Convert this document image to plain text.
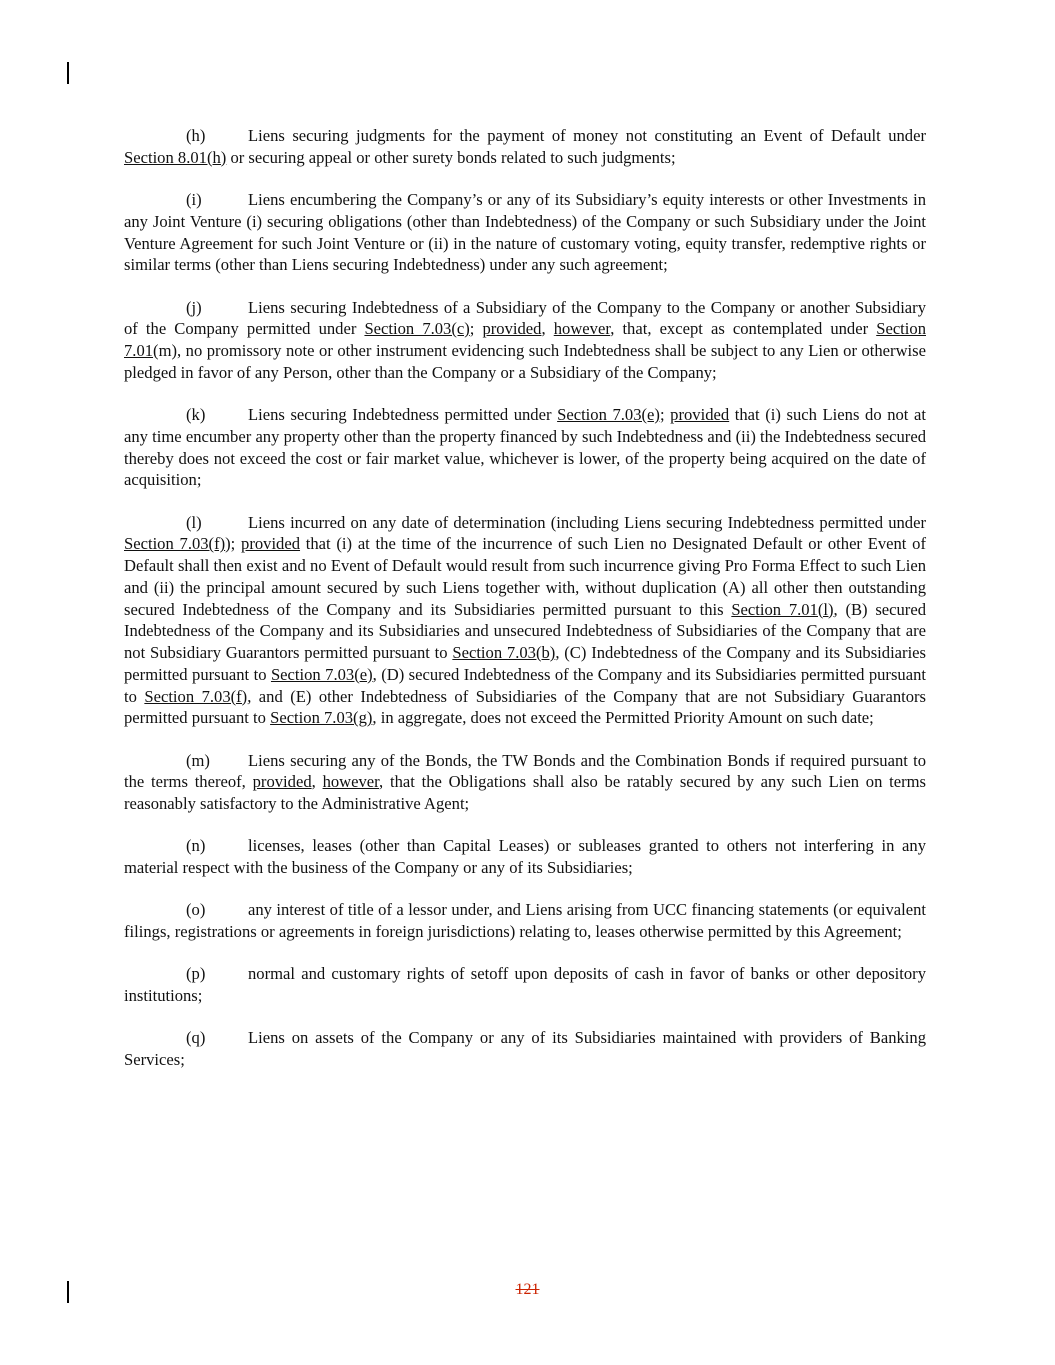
(h)	Liens securing judgments for the payment of money not constituting an Event of Default under Section 8.01(h) or securing appeal or other surety bonds related to such judgments;

(i)	Liens encumbering the Company’s or any of its Subsidiary’s equity interests or other Investments in any Joint Venture (i) securing obligations (other than Indebtedness) of the Company or such Subsidiary under the Joint Venture Agreement for such Joint Venture or (ii) in the nature of customary voting, equity transfer, redemptive rights or similar terms (other than Liens securing Indebtedness) under any such agreement;

(j)	Liens securing Indebtedness of a Subsidiary of the Company to the Company or another Subsidiary of the Company permitted under Section 7.03(c); provided, however, that, except as contemplated under Section 7.01(m), no promissory note or other instrument evidencing such Indebtedness shall be subject to any Lien or otherwise pledged in favor of any Person, other than the Company or a Subsidiary of the Company;

(k)	Liens securing Indebtedness permitted under Section 7.03(e); provided that (i) such Liens do not at any time encumber any property other than the property financed by such Indebtedness and (ii) the Indebtedness secured thereby does not exceed the cost or fair market value, whichever is lower, of the property being acquired on the date of acquisition;

(l)	Liens incurred on any date of determination (including Liens securing Indebtedness permitted under Section 7.03(f)); provided that (i) at the time of the incurrence of such Lien no Designated Default or other Event of Default shall then exist and no Event of Default would result from such incurrence giving Pro Forma Effect to such Lien and (ii) the principal amount secured by such Liens together with, without duplication (A) all other then outstanding secured Indebtedness of the Company and its Subsidiaries permitted pursuant to this Section 7.01(l), (B) secured Indebtedness of the Company and its Subsidiaries and unsecured Indebtedness of Subsidiaries of the Company that are not Subsidiary Guarantors permitted pursuant to Section 7.03(b), (C) Indebtedness of the Company and its Subsidiaries permitted pursuant to Section 7.03(e), (D) secured Indebtedness of the Company and its Subsidiaries permitted pursuant to Section 7.03(f), and (E) other Indebtedness of Subsidiaries of the Company that are not Subsidiary Guarantors permitted pursuant to Section 7.03(g), in aggregate, does not exceed the Permitted Priority Amount on such date;

(m) Liens securing any of the Bonds, the TW Bonds and the Combination Bonds if required pursuant to the terms thereof, provided, however, that the Obligations shall also be ratably secured by any such Lien on terms reasonably satisfactory to the Administrative Agent;

(n)	licenses, leases (other than Capital Leases) or subleases granted to others not interfering in any material respect with the business of the Company or any of its Subsidiaries;

(o)	any interest of title of a lessor under, and Liens arising from UCC financing statements (or equivalent filings, registrations or agreements in foreign jurisdictions) relating to, leases otherwise permitted by this Agreement;

(p)	normal and customary rights of setoff upon deposits of cash in favor of banks or other depository institutions;

(q)	Liens on assets of the Company or any of its Subsidiaries maintained with providers of Banking Services;

121
